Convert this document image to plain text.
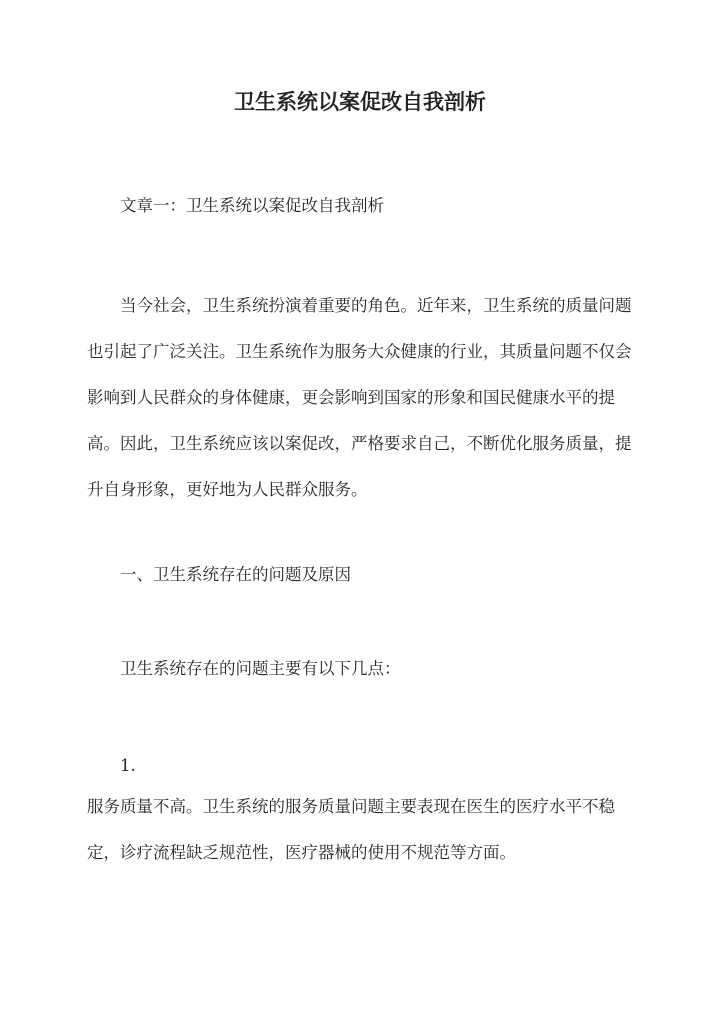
卫生系统以案促改自我剖析

文章一：卫生系统以案促改自我剖析

当今社会，卫生系统扮演着重要的角色。近年来，卫生系统的质量问题也引起了广泛关注。卫生系统作为服务大众健康的行业，其质量问题不仅会影响到人民群众的身体健康，更会影响到国家的形象和国民健康水平的提高。因此，卫生系统应该以案促改，严格要求自己，不断优化服务质量，提升自身形象，更好地为人民群众服务。

一、卫生系统存在的问题及原因

卫生系统存在的问题主要有以下几点：

1.

服务质量不高。卫生系统的服务质量问题主要表现在医生的医疗水平不稳定，诊疗流程缺乏规范性，医疗器械的使用不规范等方面。
